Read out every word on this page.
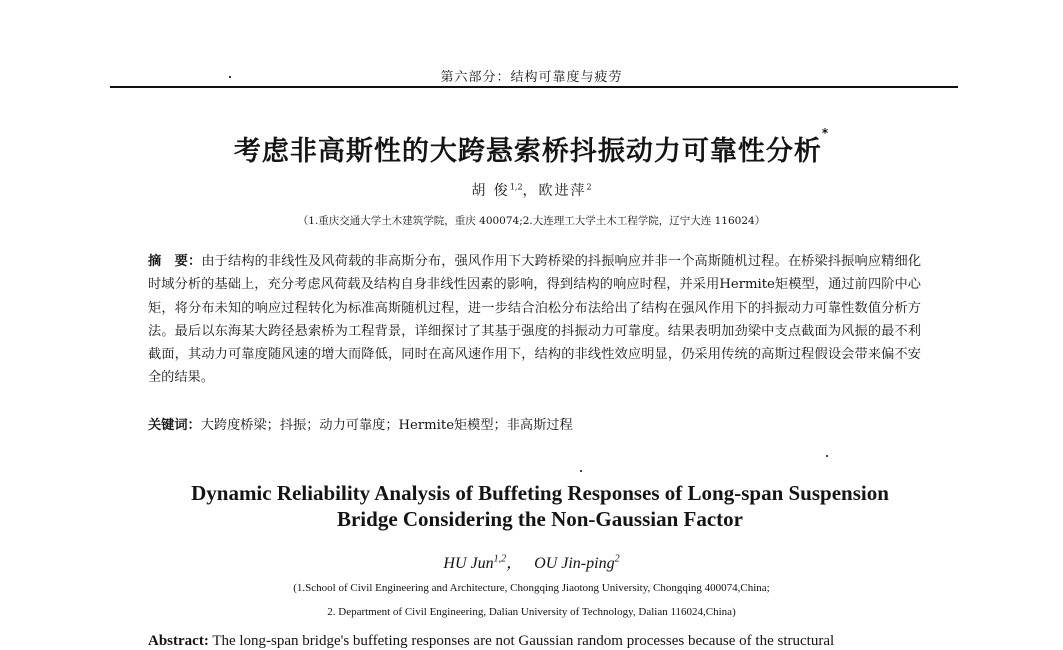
第六部分：结构可靠度与疲劳
考虑非高斯性的大跨悬索桥抖振动力可靠性分析*
胡 俊$^{1,2}$，欧进萍$^2$
（1.重庆交通大学土木建筑学院，重庆 400074;2.大连理工大学土木工程学院，辽宁大连 116024）
摘　要：由于结构的非线性及风荷载的非高斯分布，强风作用下大跨桥梁的抖振响应并非一个高斯随机过程。在桥梁抖振响应精细化时域分析的基础上，充分考虑风荷载及结构自身非线性因素的影响，得到结构的响应时程，并采用Hermite矩模型，通过前四阶中心矩，将分布未知的响应过程转化为标准高斯随机过程，进一步结合泊松分布法给出了结构在强风作用下的抖振动力可靠性数值分析方法。最后以东海某大跨径悬索桥为工程背景，详细探讨了其基于强度的抖振动力可靠度。结果表明加劲梁中支点截面为风振的最不利截面，其动力可靠度随风速的增大而降低，同时在高风速作用下，结构的非线性效应明显，仍采用传统的高斯过程假设会带来偏不安全的结果。
关键词：大跨度桥梁；抖振；动力可靠度；Hermite矩模型；非高斯过程
Dynamic Reliability Analysis of Buffeting Responses of Long-span Suspension
Bridge Considering the Non-Gaussian Factor
HU Jun$^{1,2}$， OU Jin-ping$^2$
(1.School of Civil Engineering and Architecture, Chongqing Jiaotong University, Chongqing 400074,China;
2. Department of Civil Engineering, Dalian University of Technology, Dalian 116024,China)
Abstract: The long-span bridge's buffeting responses are not Gaussian random processes because of the structural
